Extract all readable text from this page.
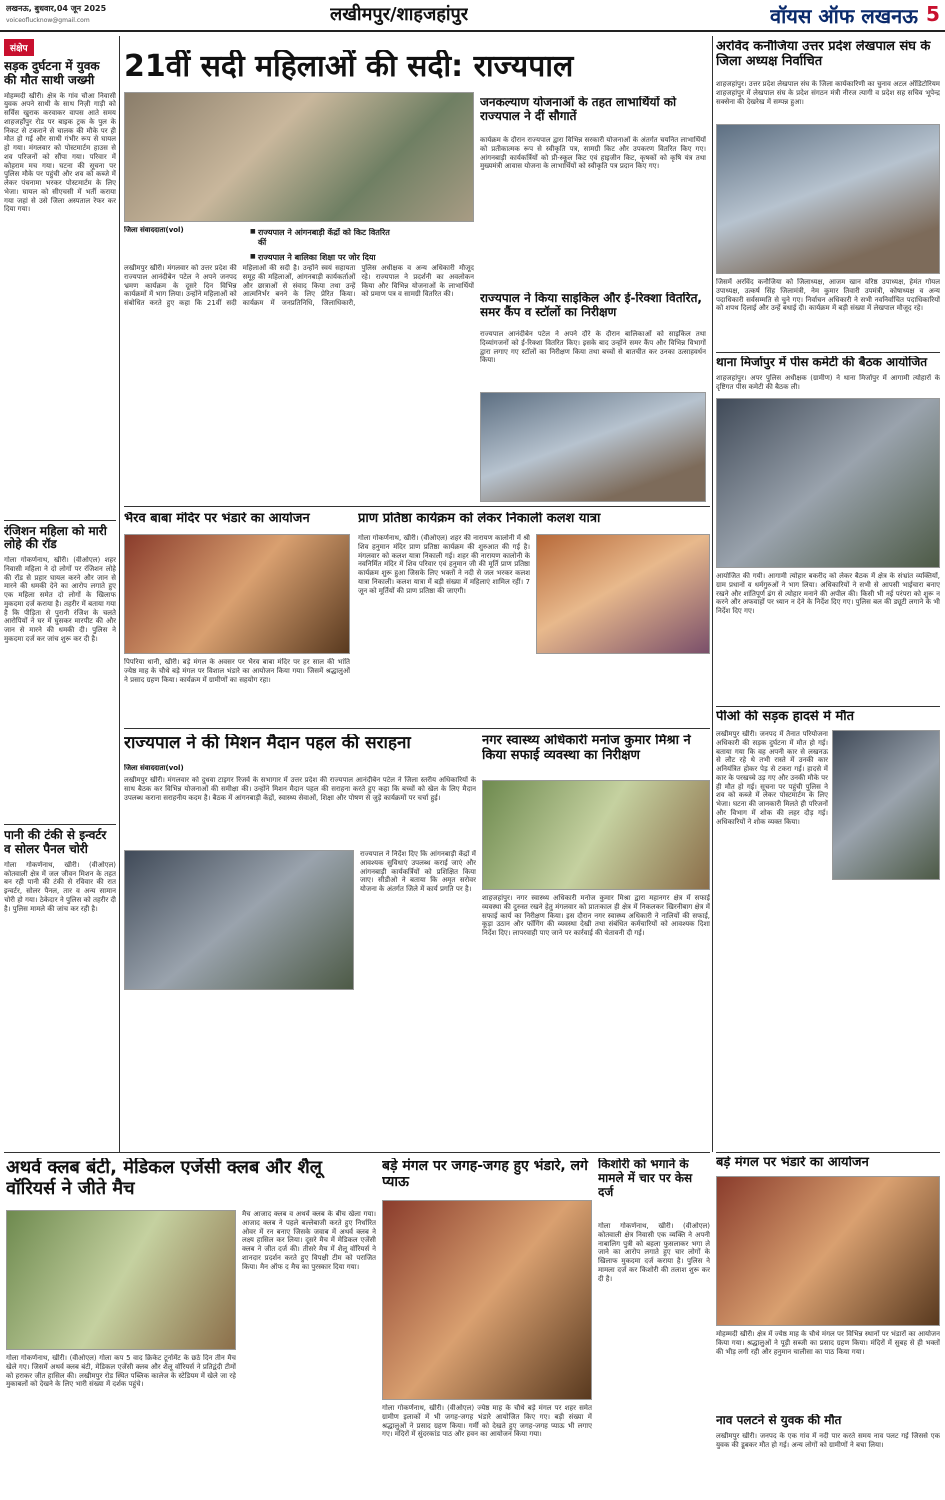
लखनऊ, बुधवार,04 जून 2025
voiceoflucknow@gmail.com	लखीमपुर/शाहजहांपुर	वॉयस ऑफ लखनऊ 5
संक्षेप
सड़क दुर्घटना में युवक की मौत साथी जख्मी
मोहम्मदी खीरी। क्षेत्र के गांव चौआ निवासी युवक अपने साथी के साथ निज़ी गाड़ी को सर्विस खुराक करवाकर वापस आते समय शाहजहाँपुर रोड पर बाइक ट्रक के पुल के निकट से टकराने से चालक की मौके पर ही मौत हो गई और साथी गंभीर रूप से घायल हो गया। मंगलवार को पोस्टमार्टम हाउस से शव परिजनों को सौंपा गया। परिवार में कोहराम मच गया। घटना की सूचना पर पुलिस मौके पर पहुंची और शव को कब्जे में लेकर पंचनामा भरकर पोस्टमार्टम के लिए भेजा। घायल को सीएचसी में भर्ती कराया गया जहां से उसे जिला अस्पताल रेफर कर दिया गया।
रंजिशन महिला को मारी लोहे की रॉड
गोला गोकर्णनाथ, खीरी। (वीओएल) शहर निवासी महिला ने दो लोगों पर रंजिशन लोहे की रॉड से प्रहार घायल करने और जान से मारने की धमकी देने का आरोप लगाते हुए एक महिला समेत दो लोगों के खिलाफ मुकदमा दर्ज कराया है। तहरीर में बताया गया है कि पीड़िता से पुरानी रंजिश के चलते आरोपियों ने घर में घुसकर मारपीट की और जान से मारने की धमकी दी। पुलिस ने मुकदमा दर्ज कर जांच शुरू कर दी है।
पानी की टंकी से इन्वर्टर व सोलर पैनल चोरी
गोला गोकर्णनाथ, खीरी। (वीओएल) कोतवाली क्षेत्र में जल जीवन मिशन के तहत बन रही पानी की टंकी से रविवार की रात इन्वर्टर, सोलर पैनल, तार व अन्य सामान चोरी हो गया। ठेकेदार ने पुलिस को तहरीर दी है। पुलिस मामले की जांच कर रही है।
21वीं सदी महिलाओं की सदी: राज्यपाल
जिला संवाददाता(vol)	■ राज्यपाल ने आंगनबाड़ी केंद्रों को किट वितरित कीं
■ राज्यपाल ने बालिका शिक्षा पर जोर दिया
लखीमपुर खीरी। मंगलवार को उत्तर प्रदेश की राज्यपाल आनंदीबेन पटेल ने अपने जनपद भ्रमण कार्यक्रम के दूसरे दिन विभिन्न कार्यक्रमों में भाग लिया। उन्होंने महिलाओं को संबोधित करते हुए कहा कि 21वीं सदी महिलाओं की सदी है। उन्होंने स्वयं सहायता समूह की महिलाओं, आंगनबाड़ी कार्यकर्ताओं और छात्राओं से संवाद किया तथा उन्हें आत्मनिर्भर बनने के लिए प्रेरित किया। कार्यक्रम में जनप्रतिनिधि, जिलाधिकारी, पुलिस अधीक्षक व अन्य अधिकारी मौजूद रहे। राज्यपाल ने प्रदर्शनी का अवलोकन किया और विभिन्न योजनाओं के लाभार्थियों को प्रमाण पत्र व सामग्री वितरित की।
जनकल्याण योजनाओं के तहत लाभार्थियों को राज्यपाल ने दीं सौगातें
कार्यक्रम के दौरान राज्यपाल द्वारा विभिन्न सरकारी योजनाओं के अंतर्गत चयनित लाभार्थियों को प्रतीकात्मक रूप से स्वीकृति पत्र, सामग्री किट और उपकरण वितरित किए गए। आंगनबाड़ी कार्यकर्त्रियों को प्री-स्कूल किट एवं हाइजीन किट, कृषकों को कृषि यंत्र तथा मुख्यमंत्री आवास योजना के लाभार्थियों को स्वीकृति पत्र प्रदान किए गए।
राज्यपाल ने किया साइकिल और ई-रिक्शा वितरित, समर कैंप व स्टॉलों का निरीक्षण
राज्यपाल आनंदीबेन पटेल ने अपने दौरे के दौरान बालिकाओं को साइकिल तथा दिव्यांगजनों को ई-रिक्शा वितरित किए। इसके बाद उन्होंने समर कैंप और विभिन्न विभागों द्वारा लगाए गए स्टॉलों का निरीक्षण किया तथा बच्चों से बातचीत कर उनका उत्साहवर्धन किया।
भैरव बाबा मंदिर पर भंडारे का आयोजन
पिपरिया धानी, खीरी। बड़े मंगल के अवसर पर भैरव बाबा मंदिर पर हर साल की भांति ज्येष्ठ माह के चौथे बड़े मंगल पर विशाल भंडारे का आयोजन किया गया। जिसमें श्रद्धालुओं ने प्रसाद ग्रहण किया। कार्यक्रम में ग्रामीणों का सहयोग रहा।
प्राण प्रतिष्ठा कार्यक्रम को लेकर निकाली कलश यात्रा
गोला गोकर्णनाथ, खीरी। (वीओएल) शहर की नारायण कालोनी में श्री शिव हनुमान मंदिर प्राण प्रतिष्ठा कार्यक्रम की शुरुआत की गई है। मंगलवार को कलश यात्रा निकाली गई। शहर की नारायण कालोनी के नवनिर्मित मंदिर में शिव परिवार एवं हनुमान जी की मूर्ति प्राण प्रतिष्ठा कार्यक्रम शुरू हुआ जिसके लिए भक्तों ने नदी से जल भरकर कलश यात्रा निकाली। कलश यात्रा में बड़ी संख्या में महिलाएं शामिल रहीं। 7 जून को मूर्तियों की प्राण प्रतिष्ठा की जाएगी।
राज्यपाल ने की मिशन मैदान पहल की सराहना
जिला संवाददाता(vol)
लखीमपुर खीरी। मंगलवार को दुधवा टाइगर रिजर्व के सभागार में उत्तर प्रदेश की राज्यपाल आनंदीबेन पटेल ने जिला स्तरीय अधिकारियों के साथ बैठक कर विभिन्न योजनाओं की समीक्षा की। उन्होंने मिशन मैदान पहल की सराहना करते हुए कहा कि बच्चों को खेल के लिए मैदान उपलब्ध कराना सराहनीय कदम है। बैठक में आंगनबाड़ी केंद्रों, स्वास्थ्य सेवाओं, शिक्षा और पोषण से जुड़े कार्यक्रमों पर चर्चा हुई।
राज्यपाल ने निर्देश दिए कि आंगनबाड़ी केंद्रों में आवश्यक सुविधाएं उपलब्ध कराई जाएं और आंगनबाड़ी कार्यकर्त्रियों को प्रशिक्षित किया जाए। सीडीओ ने बताया कि अमृत सरोवर योजना के अंतर्गत जिले में कार्य प्रगति पर है।
नगर स्वास्थ्य अधिकारी मनोज कुमार मिश्रा ने किया सफाई व्यवस्था का निरीक्षण
शाहजहांपुर। नगर स्वास्थ्य अधिकारी मनोज कुमार मिश्रा द्वारा महानगर क्षेत्र में सफाई व्यवस्था की दुरुस्त रखने हेतु मंगलवार को प्रातःकाल ही क्षेत्र में निकलकर खिरनीबाग क्षेत्र में सफाई कार्य का निरीक्षण किया। इस दौरान नगर स्वास्थ्य अधिकारी ने नालियों की सफाई, कूड़ा उठान और फॉगिंग की व्यवस्था देखी तथा संबंधित कर्मचारियों को आवश्यक दिशा निर्देश दिए। लापरवाही पाए जाने पर कार्रवाई की चेतावनी दी गई।
अथर्व क्लब बंटी, मेडिकल एजेंसी क्लब और शैलू वॉरियर्स ने जीते मैच
गोला गोकर्णनाथ, खीरी। (वीओएल) गोला कप 5 वाद क्रिकेट टूर्नामेंट के छठे दिन तीन मैच खेले गए। जिसमें अथर्व क्लब बंटी, मेडिकल एजेंसी क्लब और शैलू वॉरियर्स ने प्रतिद्वंदी टीमों को हराकर जीत हासिल की। लखीमपुर रोड स्थित पब्लिक कालेज के स्टेडियम में खेले जा रहे मुकाबलों को देखने के लिए भारी संख्या में दर्शक पहुंचे।
मैच आजाद क्लब व अथर्व क्लब के बीच खेला गया। आजाद क्लब ने पहले बल्लेबाजी करते हुए निर्धारित ओवर में रन बनाए जिसके जवाब में अथर्व क्लब ने लक्ष्य हासिल कर लिया। दूसरे मैच में मेडिकल एजेंसी क्लब ने जीत दर्ज की। तीसरे मैच में शैलू वॉरियर्स ने शानदार प्रदर्शन करते हुए विपक्षी टीम को पराजित किया। मैन ऑफ द मैच का पुरस्कार दिया गया।
बड़े मंगल पर जगह-जगह हुए भंडारे, लगे प्याऊ
गोला गोकर्णनाथ, खीरी। (वीओएल) ज्येष्ठ माह के चौथे बड़े मंगल पर शहर समेत ग्रामीण इलाकों में भी जगह-जगह भंडारे आयोजित किए गए। बड़ी संख्या में श्रद्धालुओं ने प्रसाद ग्रहण किया। गर्मी को देखते हुए जगह-जगह प्याऊ भी लगाए गए। मंदिरों में सुंदरकांड पाठ और हवन का आयोजन किया गया।
किशोरी को भगाने के मामले में चार पर केस दर्ज
गोला गोकर्णनाथ, खीरी। (वीओएल) कोतवाली क्षेत्र निवासी एक व्यक्ति ने अपनी नाबालिग पुत्री को बहला फुसलाकर भगा ले जाने का आरोप लगाते हुए चार लोगों के खिलाफ मुकदमा दर्ज कराया है। पुलिस ने मामला दर्ज कर किशोरी की तलाश शुरू कर दी है।
अरविंद कनौजिया उत्तर प्रदेश लेखपाल संघ के जिला अध्यक्ष निर्वाचित
शाहजहांपुर। उत्तर प्रदेश लेखपाल संघ के जिला कार्यकारिणी का चुनाव अटल ऑडिटोरियम शाहजहांपुर में लेखपाल संघ के प्रदेश संगठन मंत्री नीरज त्यागी व प्रदेश सह सचिव भूपेन्द्र सक्सेना की देखरेख में सम्पन्न हुआ।
जिसमें अरविंद कनौजिया को जिलाध्यक्ष, आजम खान वरिष्ठ उपाध्यक्ष, हेमंत गोयल उपाध्यक्ष, उत्कर्ष सिंह जिलामंत्री, नेम कुमार तिवारी उपमंत्री, कोषाध्यक्ष व अन्य पदाधिकारी सर्वसम्मति से चुने गए। निर्वाचन अधिकारी ने सभी नवनिर्वाचित पदाधिकारियों को शपथ दिलाई और उन्हें बधाई दी। कार्यक्रम में बड़ी संख्या में लेखपाल मौजूद रहे।
थाना मिर्जापुर में पीस कमेटी की बैठक आयोजित
शाहजहांपुर। अपर पुलिस अधीक्षक (ग्रामीण) ने थाना मिर्जापुर में आगामी त्योहारों के दृष्टिगत पीस कमेटी की बैठक ली।
आयोजित की गयी। आगामी त्योहार बकरीद को लेकर बैठक में क्षेत्र के संभ्रांत व्यक्तियों, ग्राम प्रधानों व धर्मगुरुओं ने भाग लिया। अधिकारियों ने सभी से आपसी भाईचारा बनाए रखने और शांतिपूर्ण ढंग से त्योहार मनाने की अपील की। किसी भी नई परंपरा को शुरू न करने और अफवाहों पर ध्यान न देने के निर्देश दिए गए। पुलिस बल की ड्यूटी लगाने के भी निर्देश दिए गए।
पीओ की सड़क हादसे में मौत
लखीमपुर खीरी। जनपद में तैनात परियोजना अधिकारी की सड़क दुर्घटना में मौत हो गई। बताया गया कि वह अपनी कार से लखनऊ से लौट रहे थे तभी रास्ते में उनकी कार अनियंत्रित होकर पेड़ से टकरा गई। हादसे में कार के परखच्चे उड़ गए और उनकी मौके पर ही मौत हो गई। सूचना पर पहुंची पुलिस ने शव को कब्जे में लेकर पोस्टमार्टम के लिए भेजा। घटना की जानकारी मिलते ही परिजनों और विभाग में शोक की लहर दौड़ गई। अधिकारियों ने शोक व्यक्त किया।
बड़े मंगल पर भंडारे का आयोजन
मोहम्मदी खीरी। क्षेत्र में ज्येष्ठ माह के चौथे मंगल पर विभिन्न स्थानों पर भंडारों का आयोजन किया गया। श्रद्धालुओं ने पूड़ी सब्जी का प्रसाद ग्रहण किया। मंदिरों में सुबह से ही भक्तों की भीड़ लगी रही और हनुमान चालीसा का पाठ किया गया।
नाव पलटने से युवक की मौत
लखीमपुर खीरी। जनपद के एक गांव में नदी पार करते समय नाव पलट गई जिससे एक युवक की डूबकर मौत हो गई। अन्य लोगों को ग्रामीणों ने बचा लिया।
